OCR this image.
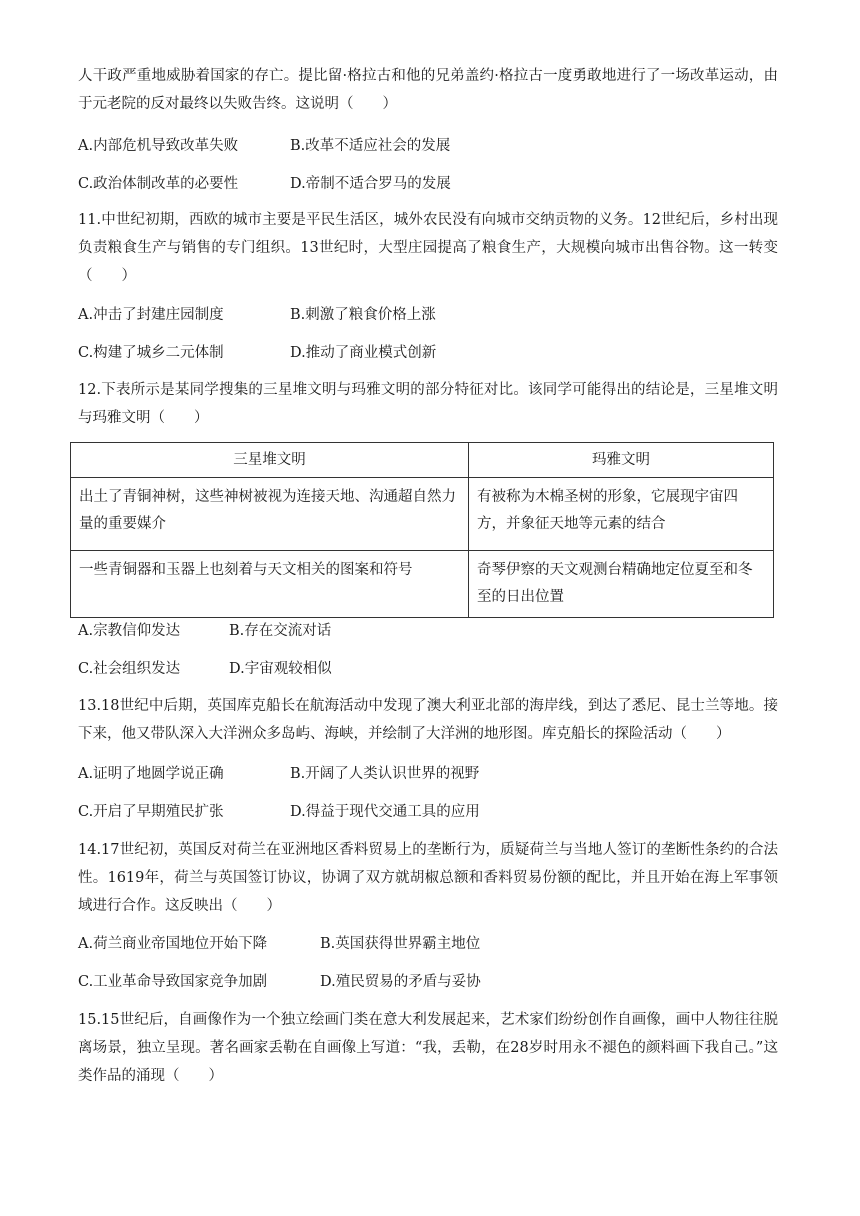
人干政严重地威胁着国家的存亡。提比留·格拉古和他的兄弟盖约·格拉古一度勇敢地进行了一场改革运动，由于元老院的反对最终以失败告终。这说明（　　）

A.内部危机导致改革失败	B.改革不适应社会的发展
C.政治体制改革的必要性	D.帝制不适合罗马的发展

11.中世纪初期，西欧的城市主要是平民生活区，城外农民没有向城市交纳贡物的义务。12世纪后，乡村出现负责粮食生产与销售的专门组织。13世纪时，大型庄园提高了粮食生产，大规模向城市出售谷物。这一转变（　　）

A.冲击了封建庄园制度	B.刺激了粮食价格上涨
C.构建了城乡二元体制	D.推动了商业模式创新

12.下表所示是某同学搜集的三星堆文明与玛雅文明的部分特征对比。该同学可能得出的结论是，三星堆文明与玛雅文明（　　）

三星堆文明	玛雅文明
出土了青铜神树，这些神树被视为连接天地、沟通超自然力量的重要媒介	有被称为木棉圣树的形象，它展现宇宙四方，并象征天地等元素的结合
一些青铜器和玉器上也刻着与天文相关的图案和符号	奇琴伊察的天文观测台精确地定位夏至和冬至的日出位置
A.宗教信仰发达	B.存在交流对话
C.社会组织发达	D.宇宙观较相似

13.18世纪中后期，英国库克船长在航海活动中发现了澳大利亚北部的海岸线，到达了悉尼、昆士兰等地。接下来，他又带队深入大洋洲众多岛屿、海峡，并绘制了大洋洲的地形图。库克船长的探险活动（　　）

A.证明了地圆学说正确	B.开阔了人类认识世界的视野
C.开启了早期殖民扩张	D.得益于现代交通工具的应用

14.17世纪初，英国反对荷兰在亚洲地区香料贸易上的垄断行为，质疑荷兰与当地人签订的垄断性条约的合法性。1619年，荷兰与英国签订协议，协调了双方就胡椒总额和香料贸易份额的配比，并且开始在海上军事领域进行合作。这反映出（　　）

A.荷兰商业帝国地位开始下降	B.英国获得世界霸主地位
C.工业革命导致国家竞争加剧	D.殖民贸易的矛盾与妥协

15.15世纪后，自画像作为一个独立绘画门类在意大利发展起来，艺术家们纷纷创作自画像，画中人物往往脱离场景，独立呈现。著名画家丢勒在自画像上写道：“我，丢勒，在28岁时用永不褪色的颜料画下我自己。”这类作品的涌现（　　）
